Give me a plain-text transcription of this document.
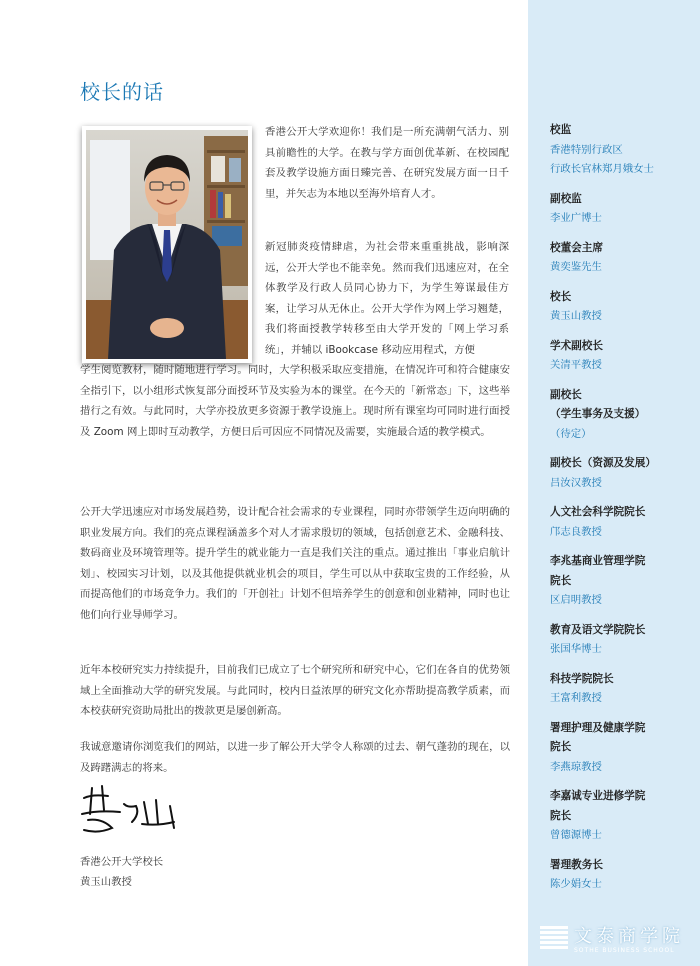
校长的话
香港公开大学欢迎你！我们是一所充满朝气活力、别具前瞻性的大学。在教与学方面创优革新、在校园配套及教学设施方面日臻完善、在研究发展方面一日千里，并矢志为本地以至海外培育人才。
新冠肺炎疫情肆虐，为社会带来重重挑战，影响深远，公开大学也不能幸免。然而我们迅速应对，在全体教学及行政人员同心协力下，为学生筹谋最佳方案，让学习从无休止。公开大学作为网上学习翘楚，我们将面授教学转移至由大学开发的「网上学习系统」，并辅以 iBookcase 移动应用程式，方便
学生阅览教材，随时随地进行学习。同时，大学积极采取应变措施，在情况许可和符合健康安全指引下，以小组形式恢复部分面授环节及实验为本的课堂。在今天的「新常态」下，这些举措行之有效。与此同时，大学亦投放更多资源于教学设施上。现时所有课室均可同时进行面授及 Zoom 网上即时互动教学，方便日后可因应不同情况及需要，实施最合适的教学模式。
公开大学迅速应对市场发展趋势，设计配合社会需求的专业课程，同时亦带领学生迈向明确的职业发展方向。我们的亮点课程涵盖多个对人才需求殷切的领域，包括创意艺术、金融科技、数码商业及环境管理等。提升学生的就业能力一直是我们关注的重点。通过推出「事业启航计划」、校园实习计划，以及其他提供就业机会的项目，学生可以从中获取宝贵的工作经验，从而提高他们的市场竞争力。我们的「开创社」计划不但培养学生的创意和创业精神，同时也让他们向行业导师学习。
近年本校研究实力持续提升，目前我们已成立了七个研究所和研究中心，它们在各自的优势领域上全面推动大学的研究发展。与此同时，校内日益浓厚的研究文化亦帮助提高教学质素，而本校获研究资助局批出的拨款更是屡创新高。
我诚意邀请你浏览我们的网站，以进一步了解公开大学令人称颂的过去、朝气蓬勃的现在，以及踌躇满志的将来。
香港公开大学校长
黄玉山教授
校监
香港特别行政区
行政长官林郑月娥女士
副校监
李业广博士
校董会主席
黄奕鉴先生
校长
黄玉山教授
学术副校长
关清平教授
副校长
（学生事务及支援）
（待定）
副校长（资源及发展）
吕汝汉教授
人文社会科学院院长
邝志良教授
李兆基商业管理学院
院长
区启明教授
教育及语文学院院长
张国华博士
科技学院院长
王富利教授
署理护理及健康学院
院长
李燕琼教授
李嘉诚专业进修学院
院长
曾德源博士
署理教务长
陈少娟女士
文泰商学院
SOTHE BUSINESS SCHOOL
